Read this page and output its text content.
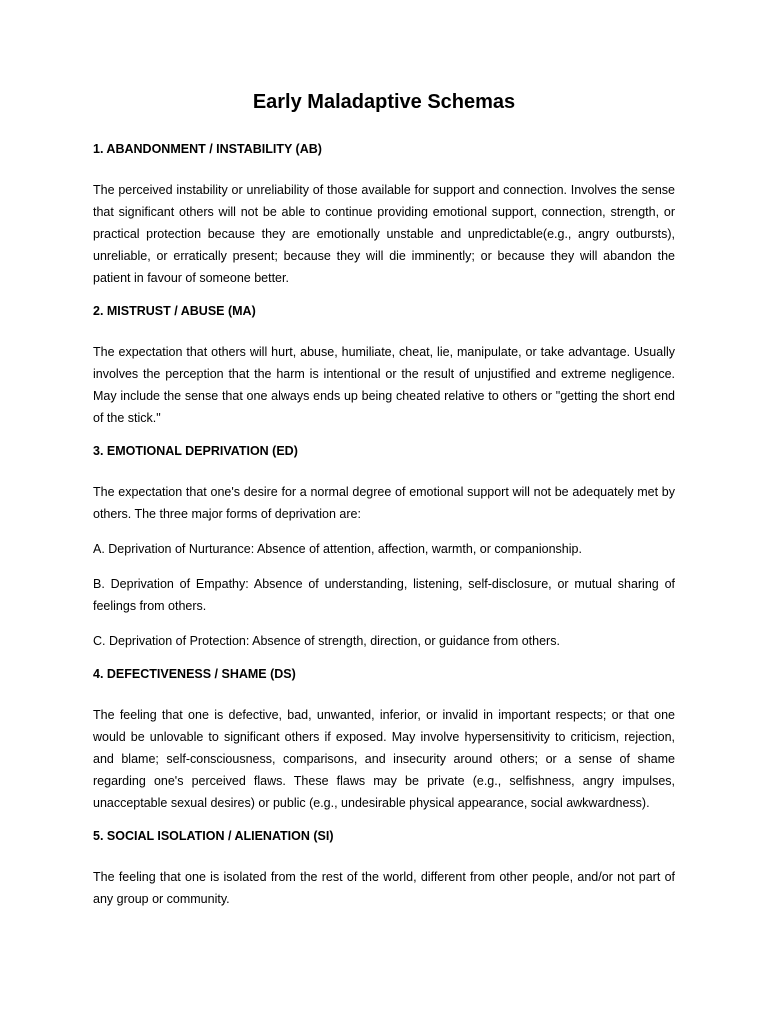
Early Maladaptive Schemas
1. ABANDONMENT / INSTABILITY (AB)

The perceived instability or unreliability of those available for support and connection. Involves the sense that significant others will not be able to continue providing emotional support, connection, strength, or practical protection because they are emotionally unstable and unpredictable(e.g., angry outbursts), unreliable, or erratically present; because they will die imminently; or because they will abandon the patient in favour of someone better.

2. MISTRUST / ABUSE (MA)

The expectation that others will hurt, abuse, humiliate, cheat, lie, manipulate, or take advantage. Usually involves the perception that the harm is intentional or the result of unjustified and extreme negligence. May include the sense that one always ends up being cheated relative to others or "getting the short end of the stick."

3. EMOTIONAL DEPRIVATION (ED)

The expectation that one's desire for a normal degree of emotional support will not be adequately met by others. The three major forms of deprivation are:

A. Deprivation of Nurturance: Absence of attention, affection, warmth, or companionship.

B. Deprivation of Empathy: Absence of understanding, listening, self-disclosure, or mutual sharing of feelings from others.

C. Deprivation of Protection: Absence of strength, direction, or guidance from others.

4. DEFECTIVENESS / SHAME (DS)

The feeling that one is defective, bad, unwanted, inferior, or invalid in important respects; or that one would be unlovable to significant others if exposed. May involve hypersensitivity to criticism, rejection, and blame; self-consciousness, comparisons, and insecurity around others; or a sense of shame regarding one's perceived flaws. These flaws may be private (e.g., selfishness, angry impulses, unacceptable sexual desires) or public (e.g., undesirable physical appearance, social awkwardness).

5. SOCIAL ISOLATION / ALIENATION (SI)

The feeling that one is isolated from the rest of the world, different from other people, and/or not part of any group or community.
